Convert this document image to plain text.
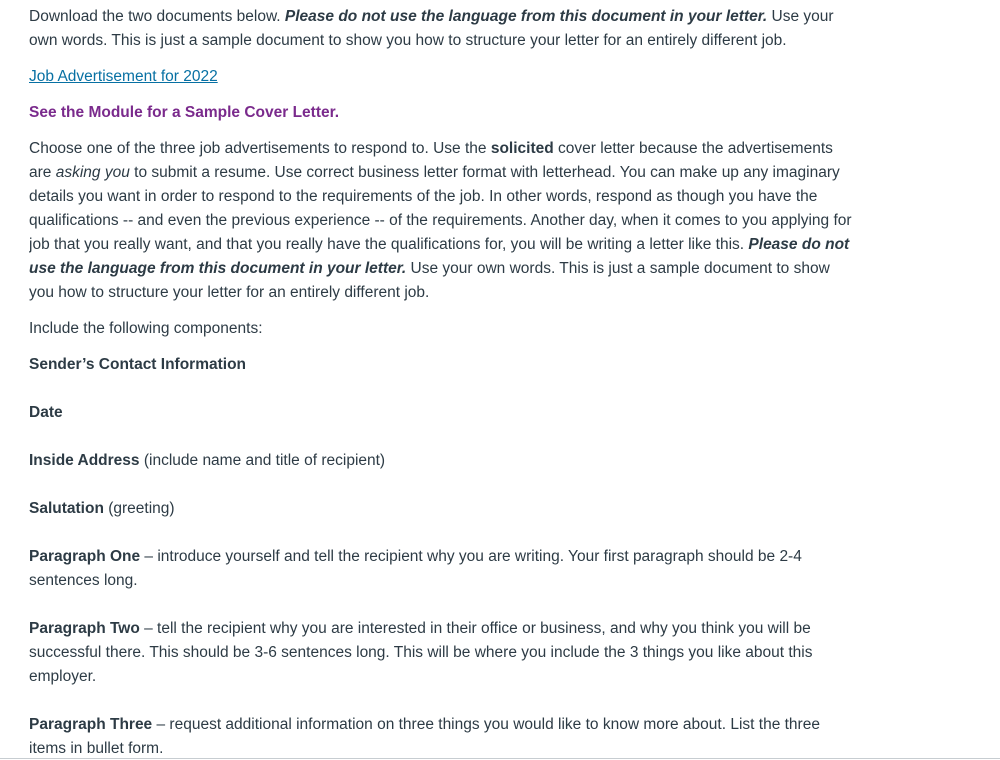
Download the two documents below. Please do not use the language from this document in your letter. Use your own words. This is just a sample document to show you how to structure your letter for an entirely different job.

Job Advertisement for 2022

See the Module for a Sample Cover Letter.

Choose one of the three job advertisements to respond to. Use the solicited cover letter because the advertisements are asking you to submit a resume. Use correct business letter format with letterhead. You can make up any imaginary details you want in order to respond to the requirements of the job. In other words, respond as though you have the qualifications -- and even the previous experience -- of the requirements. Another day, when it comes to you applying for job that you really want, and that you really have the qualifications for, you will be writing a letter like this. Please do not use the language from this document in your letter. Use your own words. This is just a sample document to show you how to structure your letter for an entirely different job.

Include the following components:

Sender’s Contact Information

Date

Inside Address (include name and title of recipient)

Salutation (greeting)

Paragraph One – introduce yourself and tell the recipient why you are writing. Your first paragraph should be 2-4 sentences long.

Paragraph Two – tell the recipient why you are interested in their office or business, and why you think you will be successful there. This should be 3-6 sentences long. This will be where you include the 3 things you like about this employer.

Paragraph Three – request additional information on three things you would like to know more about. List the three items in bullet form.
